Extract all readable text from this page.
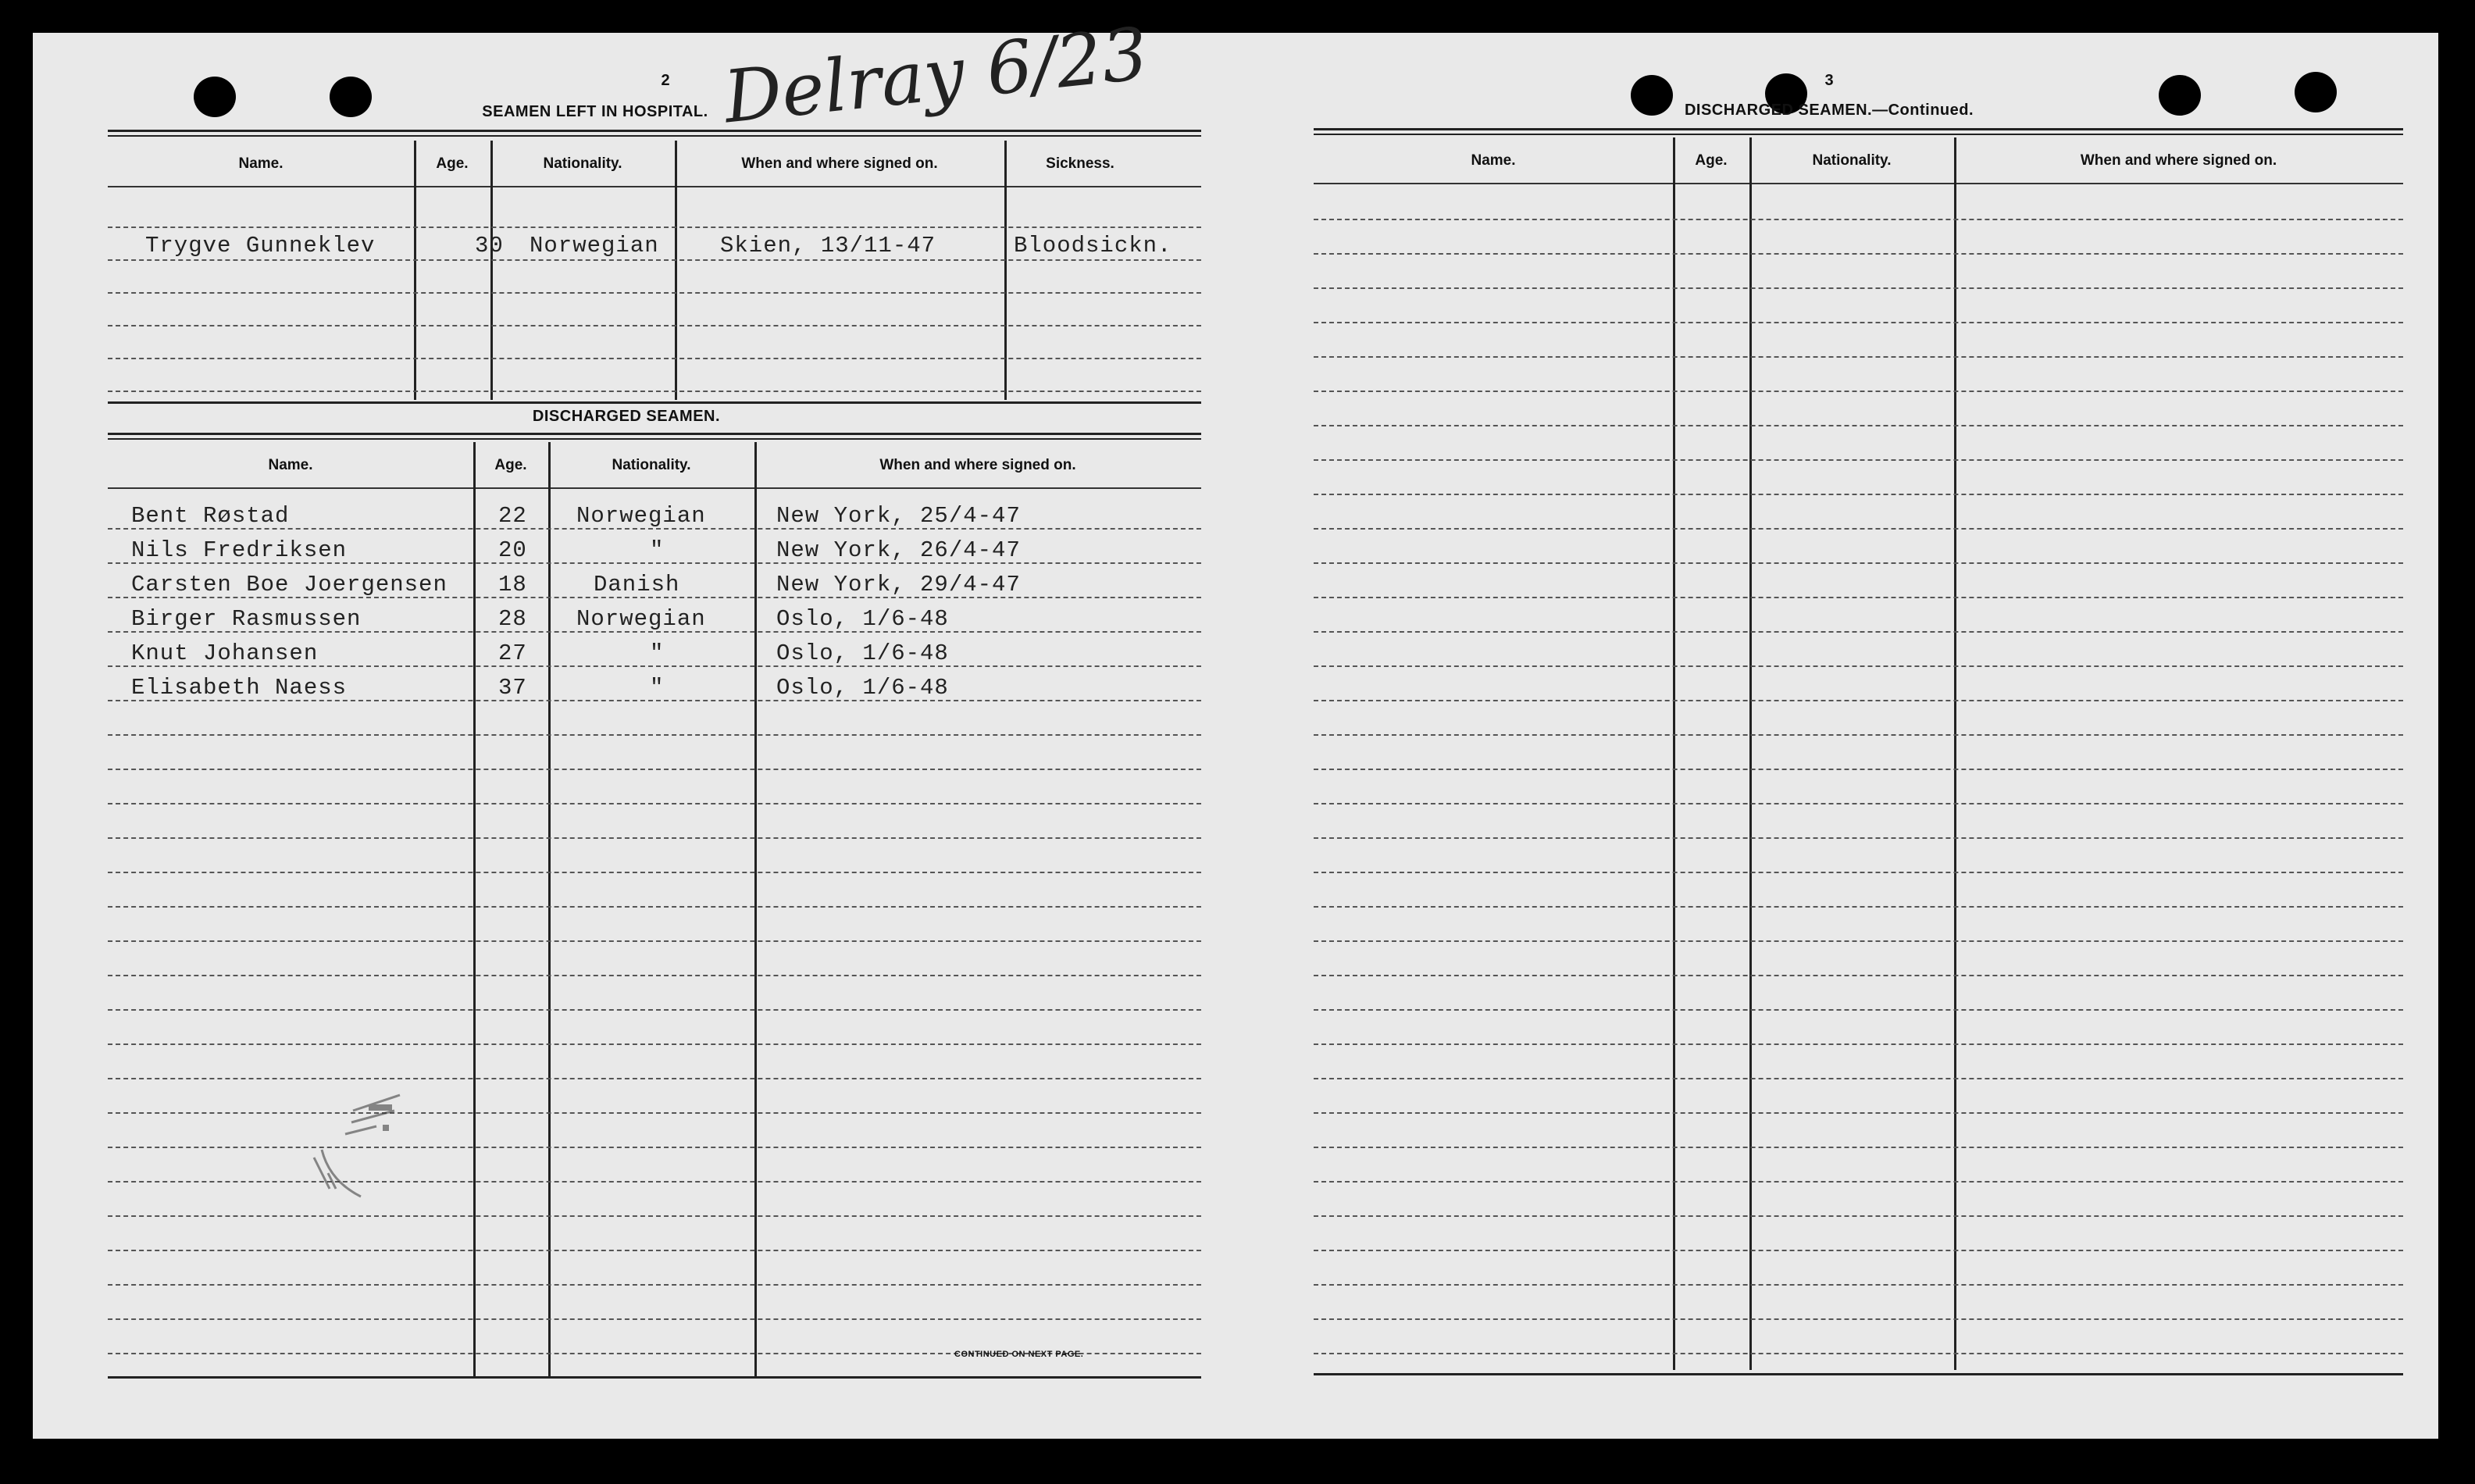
2
SEAMEN LEFT IN HOSPITAL. Delray 6/23
Name.	Age.	Nationality.	When and where signed on.	Sickness.
Trygve Gunneklev	30 Norwegian	Skien, 13/11-47	Bloodsickn.
DISCHARGED SEAMEN.
Name.	Age.	Nationality.	When and where signed on.
Bent Røstad	22 Norwegian	New York, 25/4-47
Nils Fredriksen	20	"	New York, 26/4-47
Carsten Boe Joergensen 18	Danish	New York, 29/4-47
Birger Rasmussen	28 Norwegian	Oslo, 1/6-48
Knut Johansen	27	"	Oslo, 1/6-48
Elisabeth Naess	37	"	Oslo, 1/6-48
CONTINUED ON NEXT PAGE.
3
DISCHARGED SEAMEN.—Continued.
Name.	Age.	Nationality.	When and where signed on.
